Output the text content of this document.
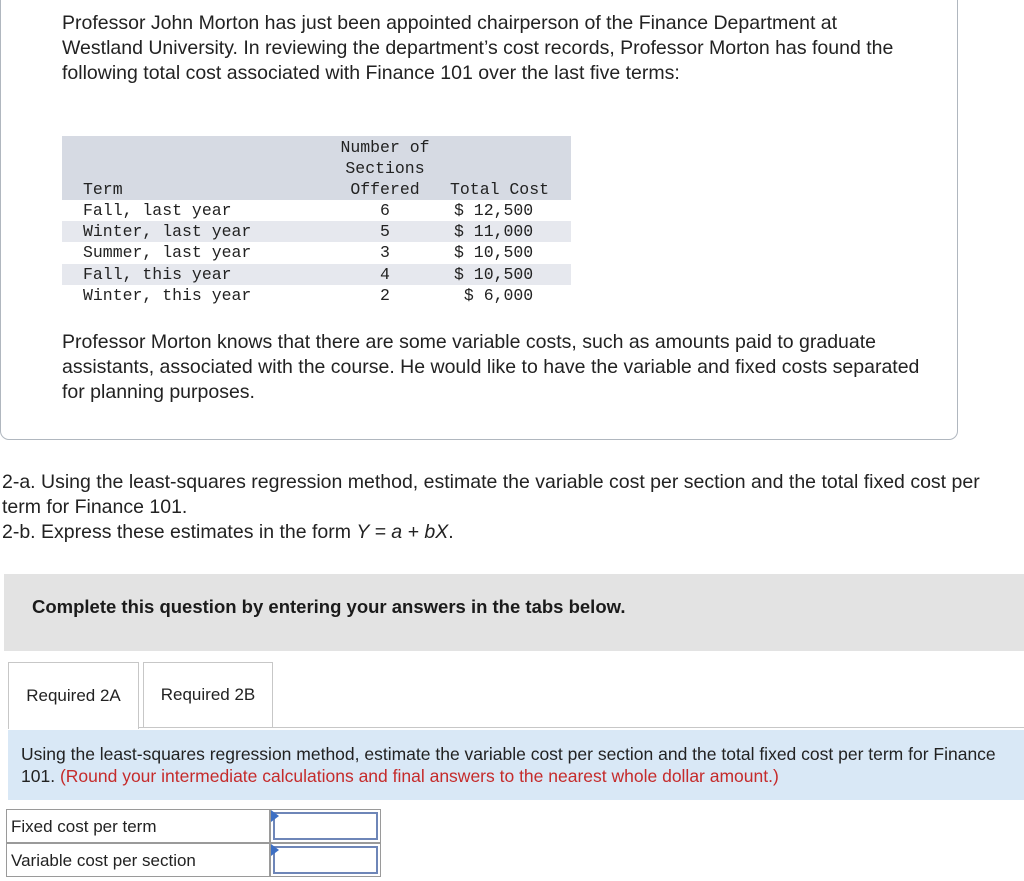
Professor John Morton has just been appointed chairperson of the Finance Department at Westland University. In reviewing the department’s cost records, Professor Morton has found the following total cost associated with Finance 101 over the last five terms:

Number of
Sections
Offered
Term	Total Cost
Fall, last year	6	$ 12,500
Winter, last year	5	$ 11,000
Summer, last year	3	$ 10,500
Fall, this year	4	$ 10,500
Winter, this year	2	$ 6,000

Professor Morton knows that there are some variable costs, such as amounts paid to graduate assistants, associated with the course. He would like to have the variable and fixed costs separated for planning purposes.

2-a. Using the least-squares regression method, estimate the variable cost per section and the total fixed cost per term for Finance 101.

2-b. Express these estimates in the form Y = a + bX.

Complete this question by entering your answers in the tabs below.
Required 2A	Required 2B
Using the least-squares regression method, estimate the variable cost per section and the total fixed cost per term for Finance
101. (Round your intermediate calculations and final answers to the nearest whole dollar amount.)
Fixed cost per term
Variable cost per section
